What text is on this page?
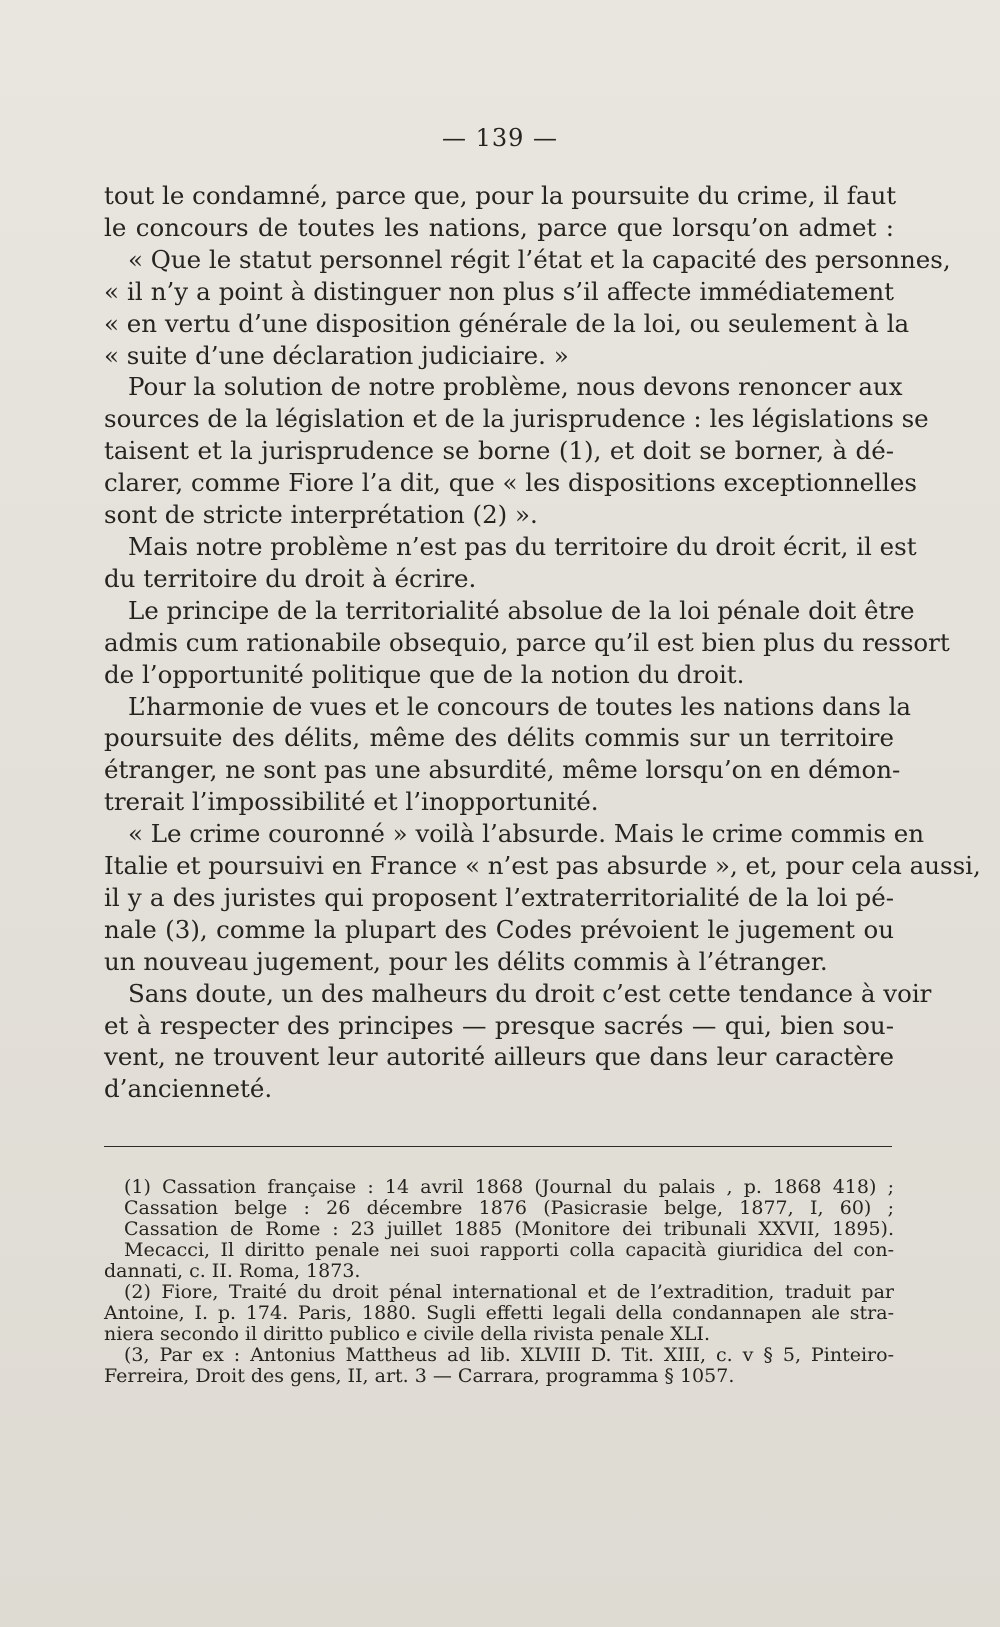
— 139 —
tout le condamné, parce que, pour la poursuite du crime, il faut
le concours de toutes les nations, parce que lorsqu’on admet :
« Que le statut personnel régit l’état et la capacité des personnes,
« il n’y a point à distinguer non plus s’il affecte immédiatement
« en vertu d’une disposition générale de la loi, ou seulement à la
« suite d’une déclaration judiciaire. »
Pour la solution de notre problème, nous devons renoncer aux
sources de la législation et de la jurisprudence : les législations se
taisent et la jurisprudence se borne (1), et doit se borner, à dé-
clarer, comme Fiore l’a dit, que « les dispositions exceptionnelles
sont de stricte interprétation (2) ».
Mais notre problème n’est pas du territoire du droit écrit, il est
du territoire du droit à écrire.
Le principe de la territorialité absolue de la loi pénale doit être
admis cum rationabile obsequio, parce qu’il est bien plus du ressort
de l’opportunité politique que de la notion du droit.
L’harmonie de vues et le concours de toutes les nations dans la
poursuite des délits, même des délits commis sur un territoire
étranger, ne sont pas une absurdité, même lorsqu’on en démon-
trerait l’impossibilité et l’inopportunité.
« Le crime couronné » voilà l’absurde. Mais le crime commis en
Italie et poursuivi en France « n’est pas absurde », et, pour cela aussi,
il y a des juristes qui proposent l’extraterritorialité de la loi pé-
nale (3), comme la plupart des Codes prévoient le jugement ou
un nouveau jugement, pour les délits commis à l’étranger.
Sans doute, un des malheurs du droit c’est cette tendance à voir
et à respecter des principes — presque sacrés — qui, bien sou-
vent, ne trouvent leur autorité ailleurs que dans leur caractère
d’ancienneté.
(1) Cassation française : 14 avril 1868 (Journal du palais , p. 1868 418) ;
Cassation belge : 26 décembre 1876 (Pasicrasie belge, 1877, I, 60) ;
Cassation de Rome : 23 juillet 1885 (Monitore dei tribunali XXVII, 1895).
Mecacci, Il diritto penale nei suoi rapporti colla capacità giuridica del con-
dannati, c. II. Roma, 1873.
(2) Fiore, Traité du droit pénal international et de l’extradition, traduit par
Antoine, I. p. 174. Paris, 1880. Sugli effetti legali della condannapen ale stra-
niera secondo il diritto publico e civile della rivista penale XLI.
(3, Par ex : Antonius Mattheus ad lib. XLVIII D. Tit. XIII, c. v § 5, Pinteiro-
Ferreira, Droit des gens, II, art. 3 — Carrara, programma § 1057.
